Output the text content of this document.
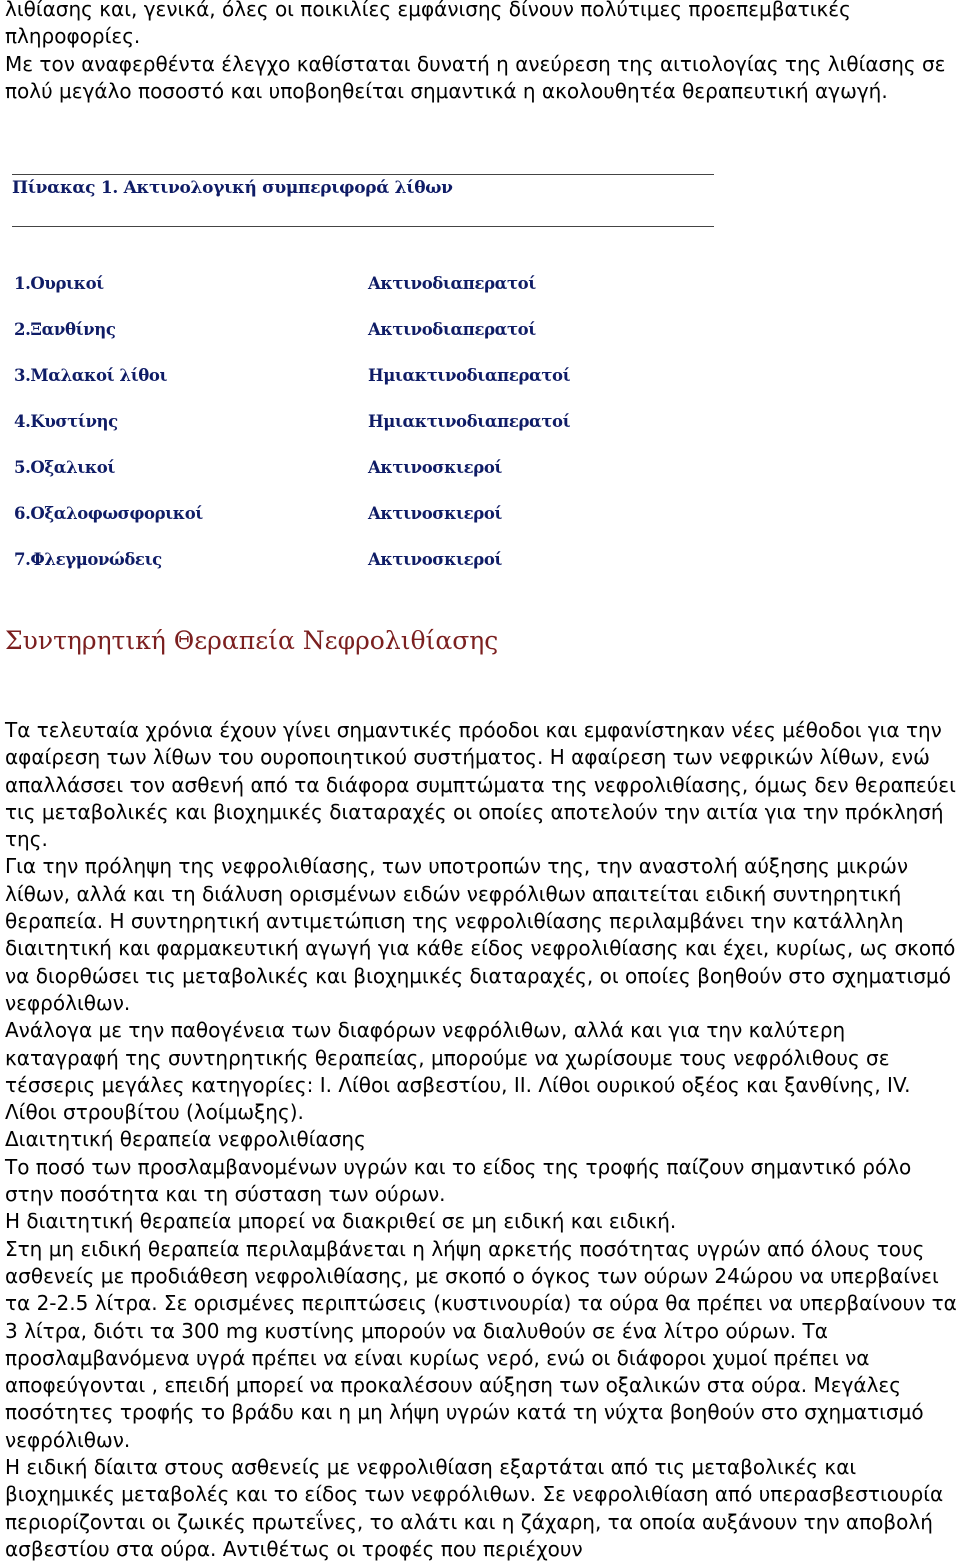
λιθίασης και, γενικά, όλες οι ποικιλίες εμφάνισης δίνουν πολύτιμες προεπεμβατικές πληροφορίες.

Με τον αναφερθέντα έλεγχο καθίσταται δυνατή η ανεύρεση της αιτιολογίας της λιθίασης σε πολύ μεγάλο ποσοστό και υποβοηθείται σημαντικά η ακολουθητέα θεραπευτική αγωγή.

Πίνακας 1. Ακτινολογική συμπεριφορά λίθων
1.Ουρικοί	Ακτινοδιαπερατοί
2.Ξανθίνης	Ακτινοδιαπερατοί
3.Μαλακοί λίθοι	Ημιακτινοδιαπερατοί
4.Κυστίνης	Ημιακτινοδιαπερατοί
5.Οξαλικοί	Ακτινοσκιεροί
6.Οξαλοφωσφορικοί	Ακτινοσκιεροί
7.Φλεγμονώδεις	Ακτινοσκιεροί
Συντηρητική Θεραπεία Νεφρολιθίασης

Τα τελευταία χρόνια έχουν γίνει σημαντικές πρόοδοι και εμφανίστηκαν νέες μέθοδοι για την αφαίρεση των λίθων του ουροποιητικού συστήματος. Η αφαίρεση των νεφρικών λίθων, ενώ απαλλάσσει τον ασθενή από τα διάφορα συμπτώματα της νεφρολιθίασης, όμως δεν θεραπεύει τις μεταβολικές και βιοχημικές διαταραχές οι οποίες αποτελούν την αιτία για την πρόκλησή της.

Για την πρόληψη της νεφρολιθίασης, των υποτροπών της, την αναστολή αύξησης μικρών λίθων, αλλά και τη διάλυση ορισμένων ειδών νεφρόλιθων απαιτείται ειδική συντηρητική θεραπεία. Η συντηρητική αντιμετώπιση της νεφρολιθίασης περιλαμβάνει την κατάλληλη διαιτητική και φαρμακευτική αγωγή για κάθε είδος νεφρολιθίασης και έχει, κυρίως, ως σκοπό να διορθώσει τις μεταβολικές και βιοχημικές διαταραχές, οι οποίες βοηθούν στο σχηματισμό νεφρόλιθων.

Ανάλογα με την παθογένεια των διαφόρων νεφρόλιθων, αλλά και για την καλύτερη καταγραφή της συντηρητικής θεραπείας, μπορούμε να χωρίσουμε τους νεφρόλιθους σε τέσσερις μεγάλες κατηγορίες: Ι. Λίθοι ασβεστίου, ΙΙ. Λίθοι ουρικού οξέος και ξανθίνης, ΙV. Λίθοι στρουβίτου (λοίμωξης).

Διαιτητική θεραπεία νεφρολιθίασης

Το ποσό των προσλαμβανομένων υγρών και το είδος της τροφής παίζουν σημαντικό ρόλο στην ποσότητα και τη σύσταση των ούρων.

Η διαιτητική θεραπεία μπορεί να διακριθεί σε μη ειδική και ειδική.

Στη μη ειδική θεραπεία περιλαμβάνεται η λήψη αρκετής ποσότητας υγρών από όλους τους ασθενείς με προδιάθεση νεφρολιθίασης, με σκοπό ο όγκος των ούρων 24ώρου να υπερβαίνει τα 2-2.5 λίτρα. Σε ορισμένες περιπτώσεις (κυστινουρία) τα ούρα θα πρέπει να υπερβαίνουν τα 3 λίτρα, διότι τα 300 mg κυστίνης μπορούν να διαλυθούν σε ένα λίτρο ούρων. Τα προσλαμβανόμενα υγρά πρέπει να είναι κυρίως νερό, ενώ οι διάφοροι χυμοί πρέπει να αποφεύγονται , επειδή μπορεί να προκαλέσουν αύξηση των οξαλικών στα ούρα. Μεγάλες ποσότητες τροφής το βράδυ και η μη λήψη υγρών κατά τη νύχτα βοηθούν στο σχηματισμό νεφρόλιθων.

Η ειδική δίαιτα στους ασθενείς με νεφρολιθίαση εξαρτάται από τις μεταβολικές και βιοχημικές μεταβολές και το είδος των νεφρόλιθων. Σε νεφρολιθίαση από υπερασβεστιουρία περιορίζονται οι ζωικές πρωτεΐνες, το αλάτι και η ζάχαρη, τα οποία αυξάνουν την αποβολή ασβεστίου στα ούρα. Αντιθέτως οι τροφές που περιέχουν
